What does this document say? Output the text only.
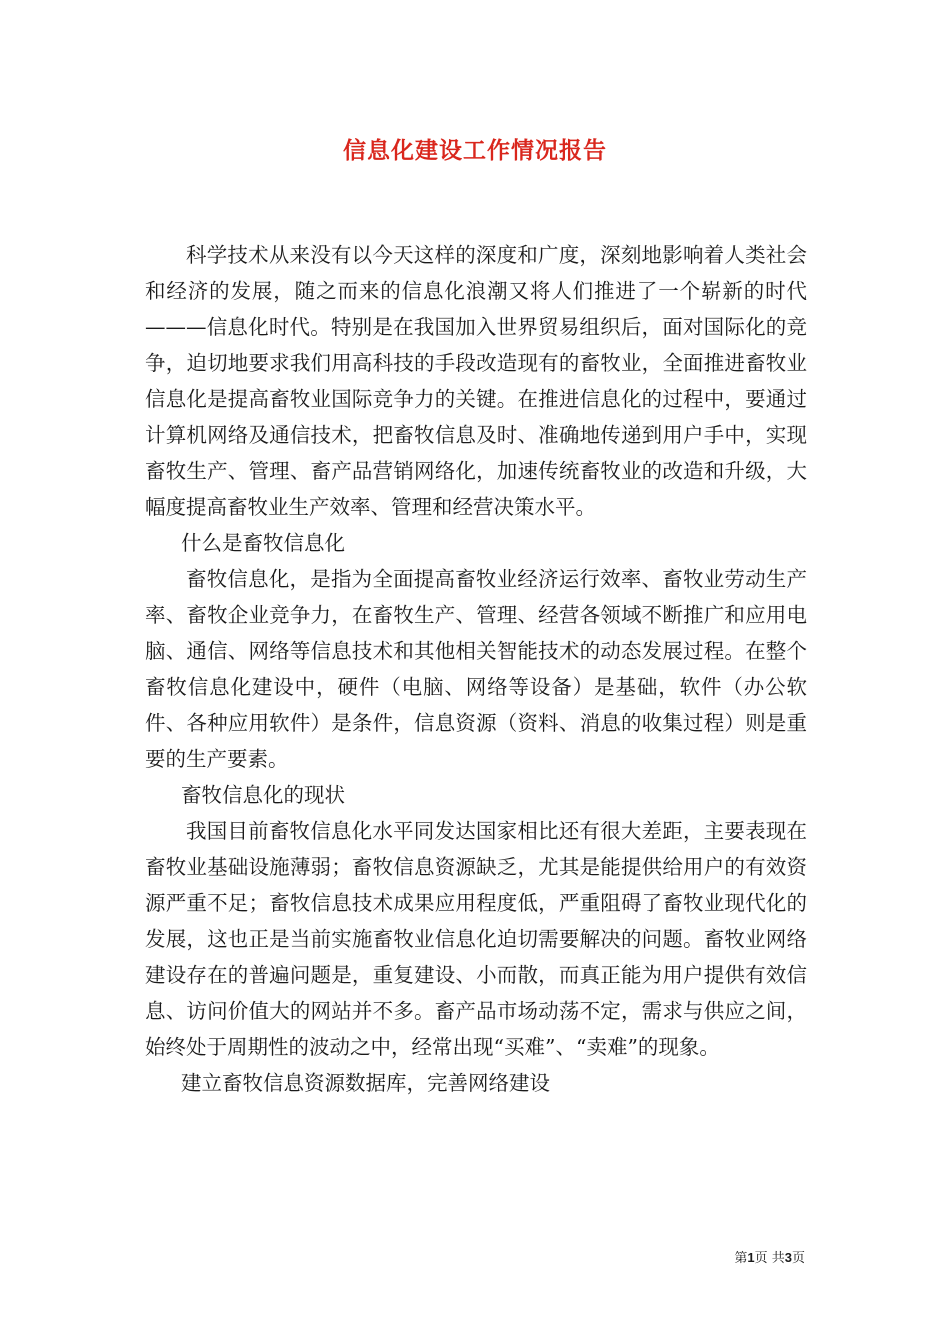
信息化建设工作情况报告

科学技术从来没有以今天这样的深度和广度，深刻地影响着人类社会和经济的发展，随之而来的信息化浪潮又将人们推进了一个崭新的时代———信息化时代。特别是在我国加入世界贸易组织后，面对国际化的竞争，迫切地要求我们用高科技的手段改造现有的畜牧业，全面推进畜牧业信息化是提高畜牧业国际竞争力的关键。在推进信息化的过程中，要通过计算机网络及通信技术，把畜牧信息及时、准确地传递到用户手中，实现畜牧生产、管理、畜产品营销网络化，加速传统畜牧业的改造和升级，大幅度提高畜牧业生产效率、管理和经营决策水平。

什么是畜牧信息化

畜牧信息化，是指为全面提高畜牧业经济运行效率、畜牧业劳动生产率、畜牧企业竞争力，在畜牧生产、管理、经营各领域不断推广和应用电脑、通信、网络等信息技术和其他相关智能技术的动态发展过程。在整个畜牧信息化建设中，硬件（电脑、网络等设备）是基础，软件（办公软件、各种应用软件）是条件，信息资源（资料、消息的收集过程）则是重要的生产要素。

畜牧信息化的现状

我国目前畜牧信息化水平同发达国家相比还有很大差距，主要表现在畜牧业基础设施薄弱；畜牧信息资源缺乏，尤其是能提供给用户的有效资源严重不足；畜牧信息技术成果应用程度低，严重阻碍了畜牧业现代化的发展，这也正是当前实施畜牧业信息化迫切需要解决的问题。畜牧业网络建设存在的普遍问题是，重复建设、小而散，而真正能为用户提供有效信息、访问价值大的网站并不多。畜产品市场动荡不定，需求与供应之间，始终处于周期性的波动之中，经常出现“买难”、“卖难”的现象。

建立畜牧信息资源数据库，完善网络建设

第1页 共3页
